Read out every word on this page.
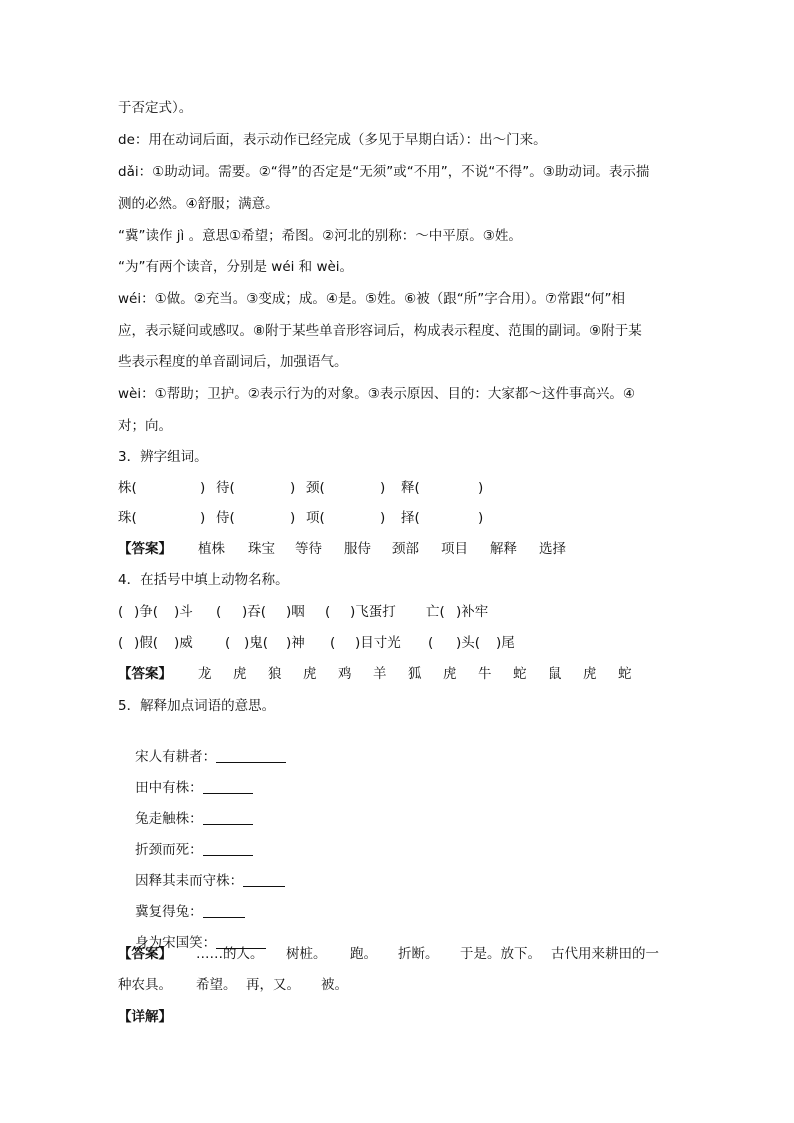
于否定式）。
de：用在动词后面，表示动作已经完成（多见于早期白话）：出～门来。
dǎi：①助动词。需要。②“得”的否定是“无须”或“不用”，不说“不得”。③助动词。表示揣
测的必然。④舒服；满意。
“冀”读作 jì 。意思①希望；希图。②河北的别称：～中平原。③姓。
“为”有两个读音，分别是 wéi 和 wèi。
wéi：①做。②充当。③变成；成。④是。⑤姓。⑥被（跟“所”字合用）。⑦常跟“何”相
应，表示疑问或感叹。⑧附于某些单音形容词后，构成表示程度、范围的副词。⑨附于某
些表示程度的单音副词后，加强语气。
wèi：①帮助；卫护。②表示行为的对象。③表示原因、目的：大家都～这件事高兴。④
对；向。
3．辨字组词。
株(	) 待(	) 颈(	) 释(	)
珠(	) 侍(	) 项(	) 择(	)
【答案】 植株 珠宝 等待 服侍 颈部 项目 解释 选择
4．在括号中填上动物名称。
( )争( )斗 ( )吞( )咽 ( )飞蛋打 亡( )补牢
( )假( )威 ( )鬼( )神 ( )目寸光 ( )头( )尾
【答案】 龙 虎 狼 虎 鸡 羊 狐 虎 牛 蛇 鼠 虎 蛇
5．解释加点词语的意思。

宋人有耕者：

田中有株：

兔走触株：

折颈而死：

因释其耒而守株：

冀复得兔：

身为宋国笑：

【答案】 ……的人。 树桩。 跑。 折断。 于是。放下。 古代用来耕田的一
种农具。 希望。 再，又。 被。
【详解】
